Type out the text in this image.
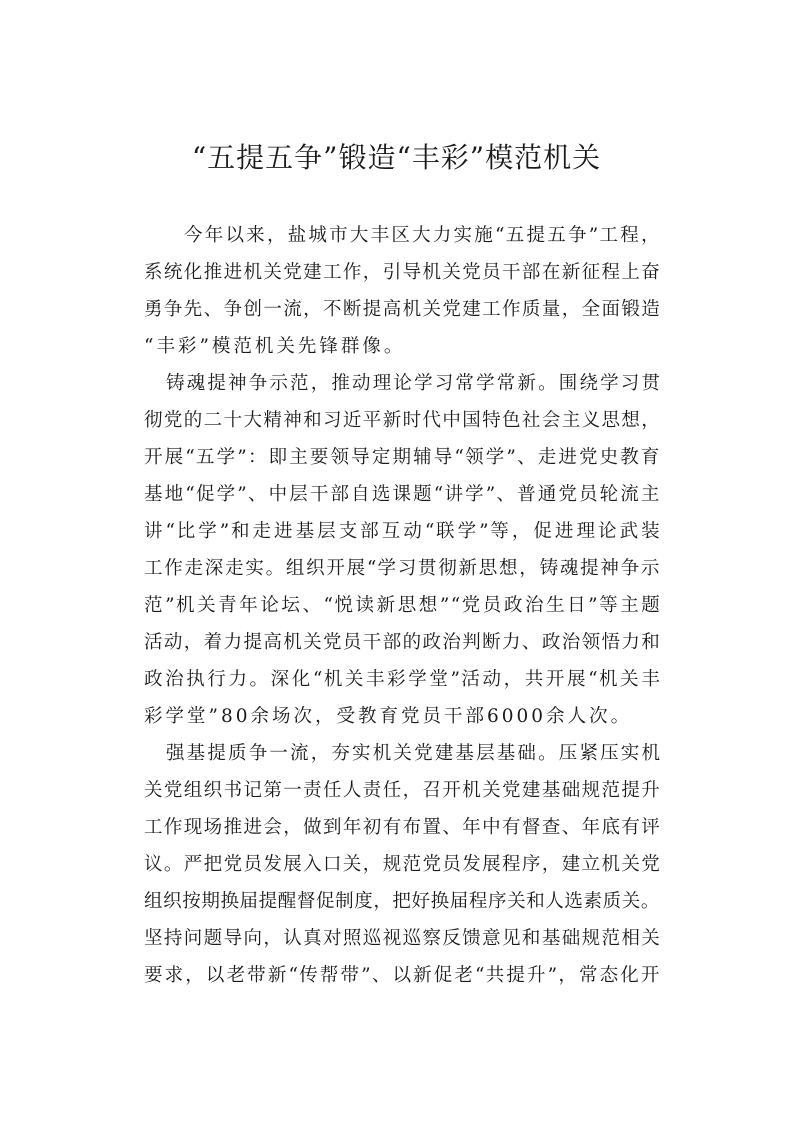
“五提五争”锻造“丰彩”模范机关
今 年 以 来 ， 盐 城 市 大 丰 区 大 力 实 施 “ 五 提 五 争 ” 工 程 ，
系 统 化 推 进 机 关 党 建 工 作 ， 引 导 机 关 党 员 干 部 在 新 征 程 上 奋
勇 争 先 、 争 创 一 流 ， 不 断 提 高 机 关 党 建 工 作 质 量 ， 全 面 锻 造
“丰彩”模范机关先锋群像。
铸 魂 提 神 争 示 范 ， 推 动 理 论 学 习 常 学 常 新 。 围 绕 学 习 贯
彻 党 的 二 十 大 精 神 和 习 近 平 新 时 代 中 国 特 色 社 会 主 义 思 想 ，
开 展 “ 五 学 ” ： 即 主 要 领 导 定 期 辅 导 “ 领 学 ” 、 走 进 党 史 教 育
基 地 “ 促 学 ” 、 中 层 干 部 自 选 课 题 “ 讲 学 ” 、 普 通 党 员 轮 流 主
讲 “ 比 学 ” 和 走 进 基 层 支 部 互 动 “ 联 学 ” 等 ， 促 进 理 论 武 装
工 作 走 深 走 实 。 组 织 开 展 “ 学 习 贯 彻 新 思 想 ， 铸 魂 提 神 争 示
范 ” 机 关 青 年 论 坛 、 “ 悦 读 新 思 想 ” “ 党 员 政 治 生 日 ” 等 主 题
活 动 ， 着 力 提 高 机 关 党 员 干 部 的 政 治 判 断 力 、 政 治 领 悟 力 和
政 治 执 行 力 。 深 化 “ 机 关 丰 彩 学 堂 ” 活 动 ， 共 开 展 “ 机 关 丰
彩学堂”80余场次，受教育党员干部6000余人次。
强 基 提 质 争 一 流 ， 夯 实 机 关 党 建 基 层 基 础 。 压 紧 压 实 机
关 党 组 织 书 记 第 一 责 任 人 责 任 ， 召 开 机 关 党 建 基 础 规 范 提 升
工 作 现 场 推 进 会 ， 做 到 年 初 有 布 置 、 年 中 有 督 查 、 年 底 有 评
议 。 严 把 党 员 发 展 入 口 关 ， 规 范 党 员 发 展 程 序 ， 建 立 机 关 党
组 织 按 期 换 届 提 醒 督 促 制 度 ， 把 好 换 届 程 序 关 和 人 选 素 质 关 。
坚 持 问 题 导 向 ， 认 真 对 照 巡 视 巡 察 反 馈 意 见 和 基 础 规 范 相 关
要 求 ， 以 老 带 新 “ 传 帮 带 ” 、 以 新 促 老 “ 共 提 升 ” ， 常 态 化 开
